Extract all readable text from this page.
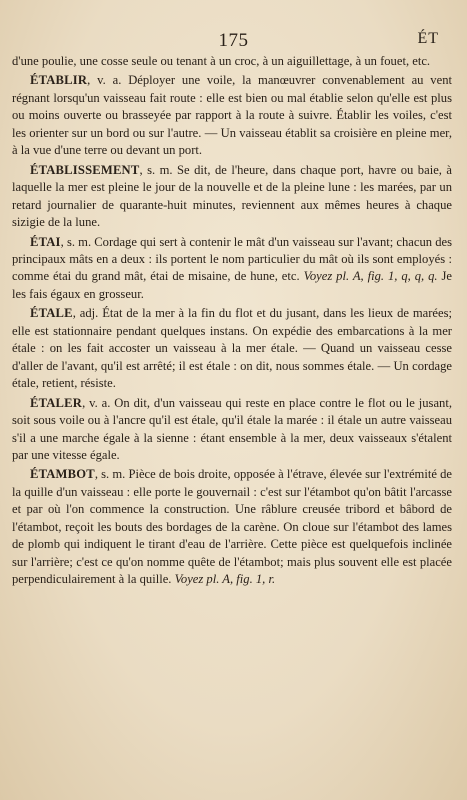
175	ÉT

d'une poulie, une cosse seule ou tenant à un croc, à un aiguillettage, à un fouet, etc.

ÉTABLIR, v. a. Déployer une voile, la manœuvrer convenablement au vent régnant lorsqu'un vaisseau fait route : elle est bien ou mal établie selon qu'elle est plus ou moins ouverte ou brasseyée par rapport à la route à suivre. Établir les voiles, c'est les orienter sur un bord ou sur l'autre. — Un vaisseau établit sa croisière en pleine mer, à la vue d'une terre ou devant un port.

ÉTABLISSEMENT, s. m. Se dit, de l'heure, dans chaque port, havre ou baie, à laquelle la mer est pleine le jour de la nouvelle et de la pleine lune : les marées, par un retard journalier de quarante-huit minutes, reviennent aux mêmes heures à chaque sizigie de la lune.

ÉTAI, s. m. Cordage qui sert à contenir le mât d'un vaisseau sur l'avant; chacun des principaux mâts en a deux : ils portent le nom particulier du mât où ils sont employés : comme étai du grand mât, étai de misaine, de hune, etc. Voyez pl. A, fig. 1, q, q, q. Je les fais égaux en grosseur.

ÉTALE, adj. État de la mer à la fin du flot et du jusant, dans les lieux de marées; elle est stationnaire pendant quelques instans. On expédie des embarcations à la mer étale : on les fait accoster un vaisseau à la mer étale. — Quand un vaisseau cesse d'aller de l'avant, qu'il est arrêté; il est étale : on dit, nous sommes étale. — Un cordage étale, retient, résiste.

ÉTALER, v. a. On dit, d'un vaisseau qui reste en place contre le flot ou le jusant, soit sous voile ou à l'ancre qu'il est étale, qu'il étale la marée : il étale un autre vaisseau s'il a une marche égale à la sienne : étant ensemble à la mer, deux vaisseaux s'étalent par une vitesse égale.

ÉTAMBOT, s. m. Pièce de bois droite, opposée à l'étrave, élevée sur l'extrémité de la quille d'un vaisseau : elle porte le gouvernail : c'est sur l'étambot qu'on bâtit l'arcasse et par où l'on commence la construction. Une râblure creusée tribord et bâbord de l'étambot, reçoit les bouts des bordages de la carène. On cloue sur l'étambot des lames de plomb qui indiquent le tirant d'eau de l'arrière. Cette pièce est quelquefois inclinée sur l'arrière; c'est ce qu'on nomme quête de l'étambot; mais plus souvent elle est placée perpendiculairement à la quille. Voyez pl. A, fig. 1, r.
